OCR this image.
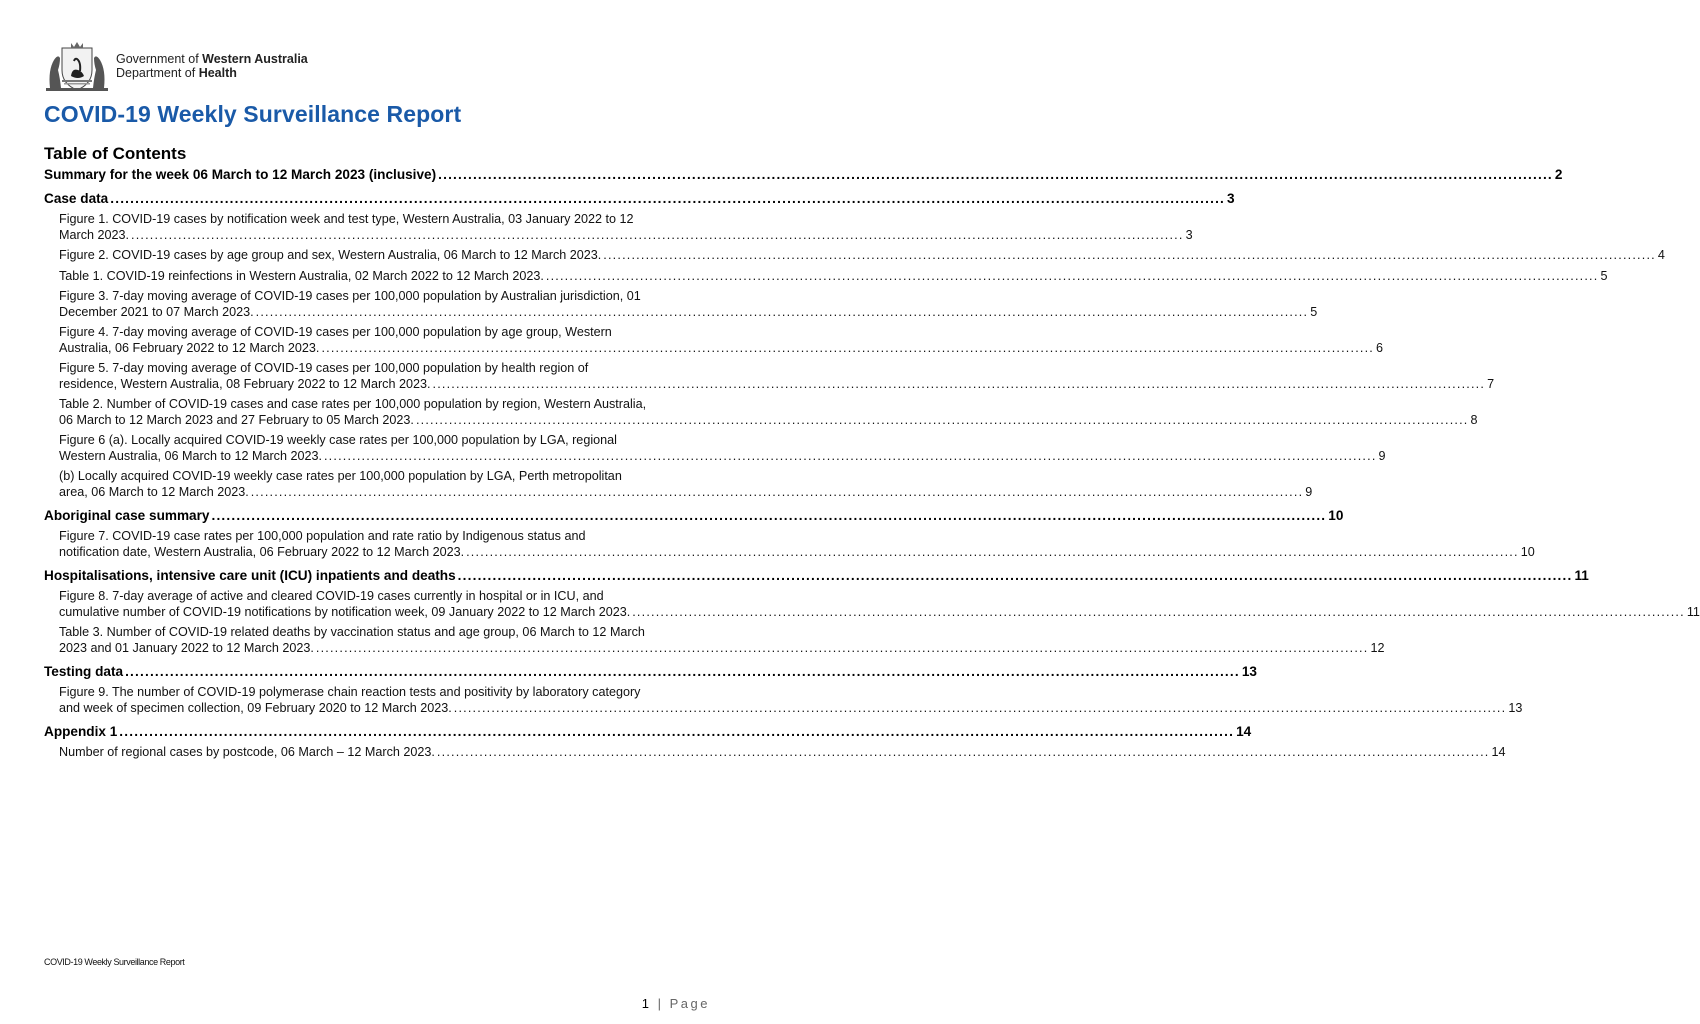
Government of Western Australia
Department of Health
COVID-19 Weekly Surveillance Report
Table of Contents
Summary for the week 06 March to 12 March 2023 (inclusive) .....	2
Case data .....	3
Figure 1. COVID-19 cases by notification week and test type, Western Australia, 03 January 2022 to 12
March 2023. .....	3
Figure 2. COVID-19 cases by age group and sex, Western Australia, 06 March to 12 March 2023. .....	4
Table 1. COVID-19 reinfections in Western Australia, 02 March 2022 to 12 March 2023. .....	5
Figure 3. 7-day moving average of COVID-19 cases per 100,000 population by Australian jurisdiction, 01
December 2021 to 07 March 2023. .....	5
Figure 4. 7-day moving average of COVID-19 cases per 100,000 population by age group, Western
Australia, 06 February 2022 to 12 March 2023. .....	6
Figure 5. 7-day moving average of COVID-19 cases per 100,000 population by health region of
residence, Western Australia, 08 February 2022 to 12 March 2023. .....	7
Table 2. Number of COVID-19 cases and case rates per 100,000 population by region, Western Australia,
06 March to 12 March 2023 and 27 February to 05 March 2023. .....	8
Figure 6 (a). Locally acquired COVID-19 weekly case rates per 100,000 population by LGA, regional
Western Australia, 06 March to 12 March 2023. .....	9
(b) Locally acquired COVID-19 weekly case rates per 100,000 population by LGA, Perth metropolitan
area, 06 March to 12 March 2023. .....	9
Aboriginal case summary .....	10
Figure 7. COVID-19 case rates per 100,000 population and rate ratio by Indigenous status and
notification date, Western Australia, 06 February 2022 to 12 March 2023. .....	10
Hospitalisations, intensive care unit (ICU) inpatients and deaths .....	11
Figure 8. 7-day average of active and cleared COVID-19 cases currently in hospital or in ICU, and
cumulative number of COVID-19 notifications by notification week, 09 January 2022 to 12 March 2023. .....	11
Table 3. Number of COVID-19 related deaths by vaccination status and age group, 06 March to 12 March
2023 and 01 January 2022 to 12 March 2023. .....	12
Testing data .....	13
Figure 9. The number of COVID-19 polymerase chain reaction tests and positivity by laboratory category
and week of specimen collection, 09 February 2020 to 12 March 2023. .....	13
Appendix 1 .....	14
Number of regional cases by postcode, 06 March – 12 March 2023. .....	14
COVID-19 Weekly Surveillance Report
1 | Page
